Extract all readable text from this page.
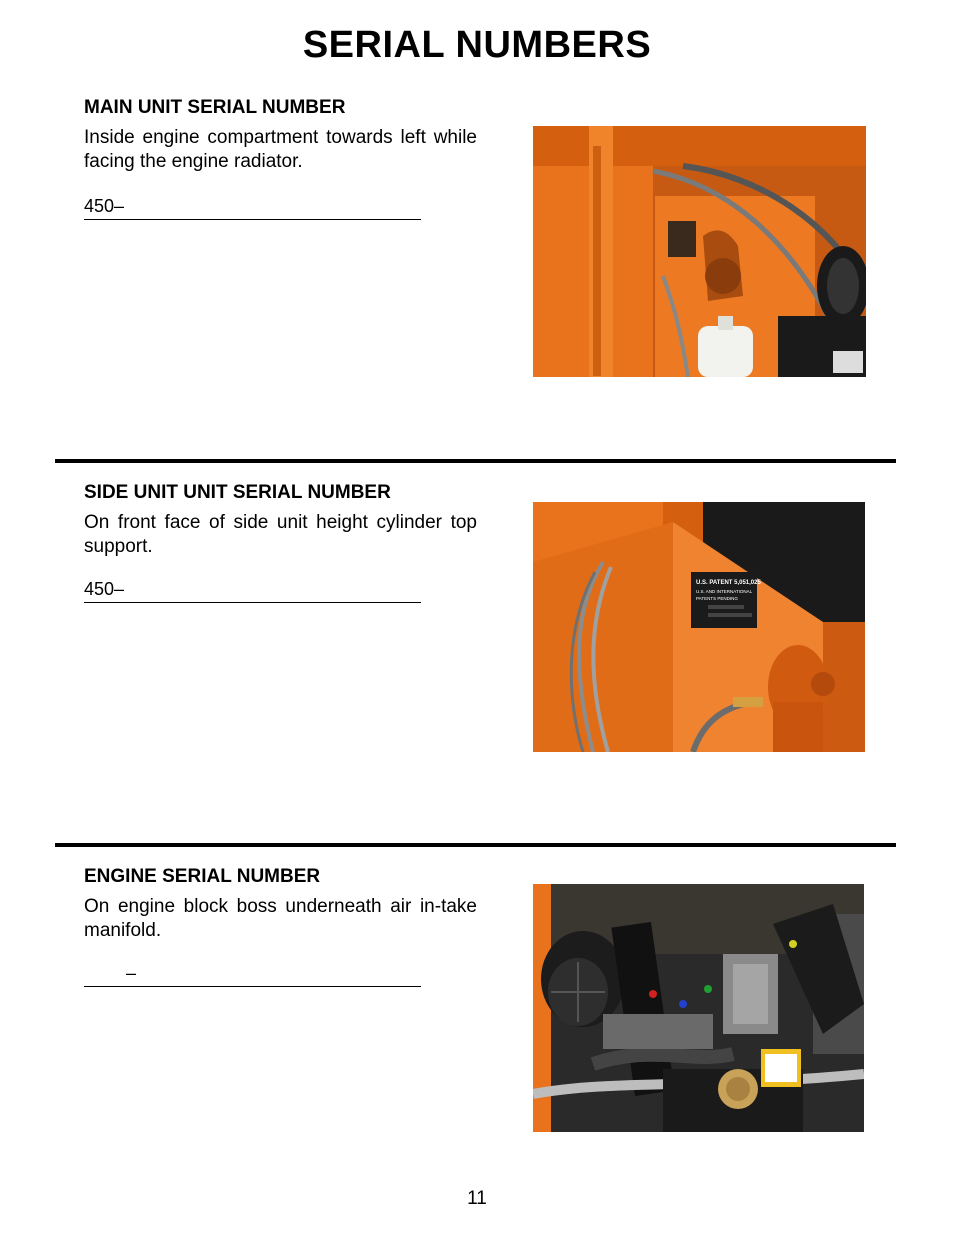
SERIAL NUMBERS
MAIN UNIT SERIAL NUMBER
Inside engine compartment towards left while facing the engine radiator.
450–
SIDE UNIT UNIT SERIAL NUMBER
On front face of side unit height cylinder top support.
450–	U.S. PATENT 5,051,025
U.S. AND INTERNATIONAL
PATENTS PENDING
ENGINE SERIAL NUMBER
On engine block boss underneath air in-take manifold.
–
11
